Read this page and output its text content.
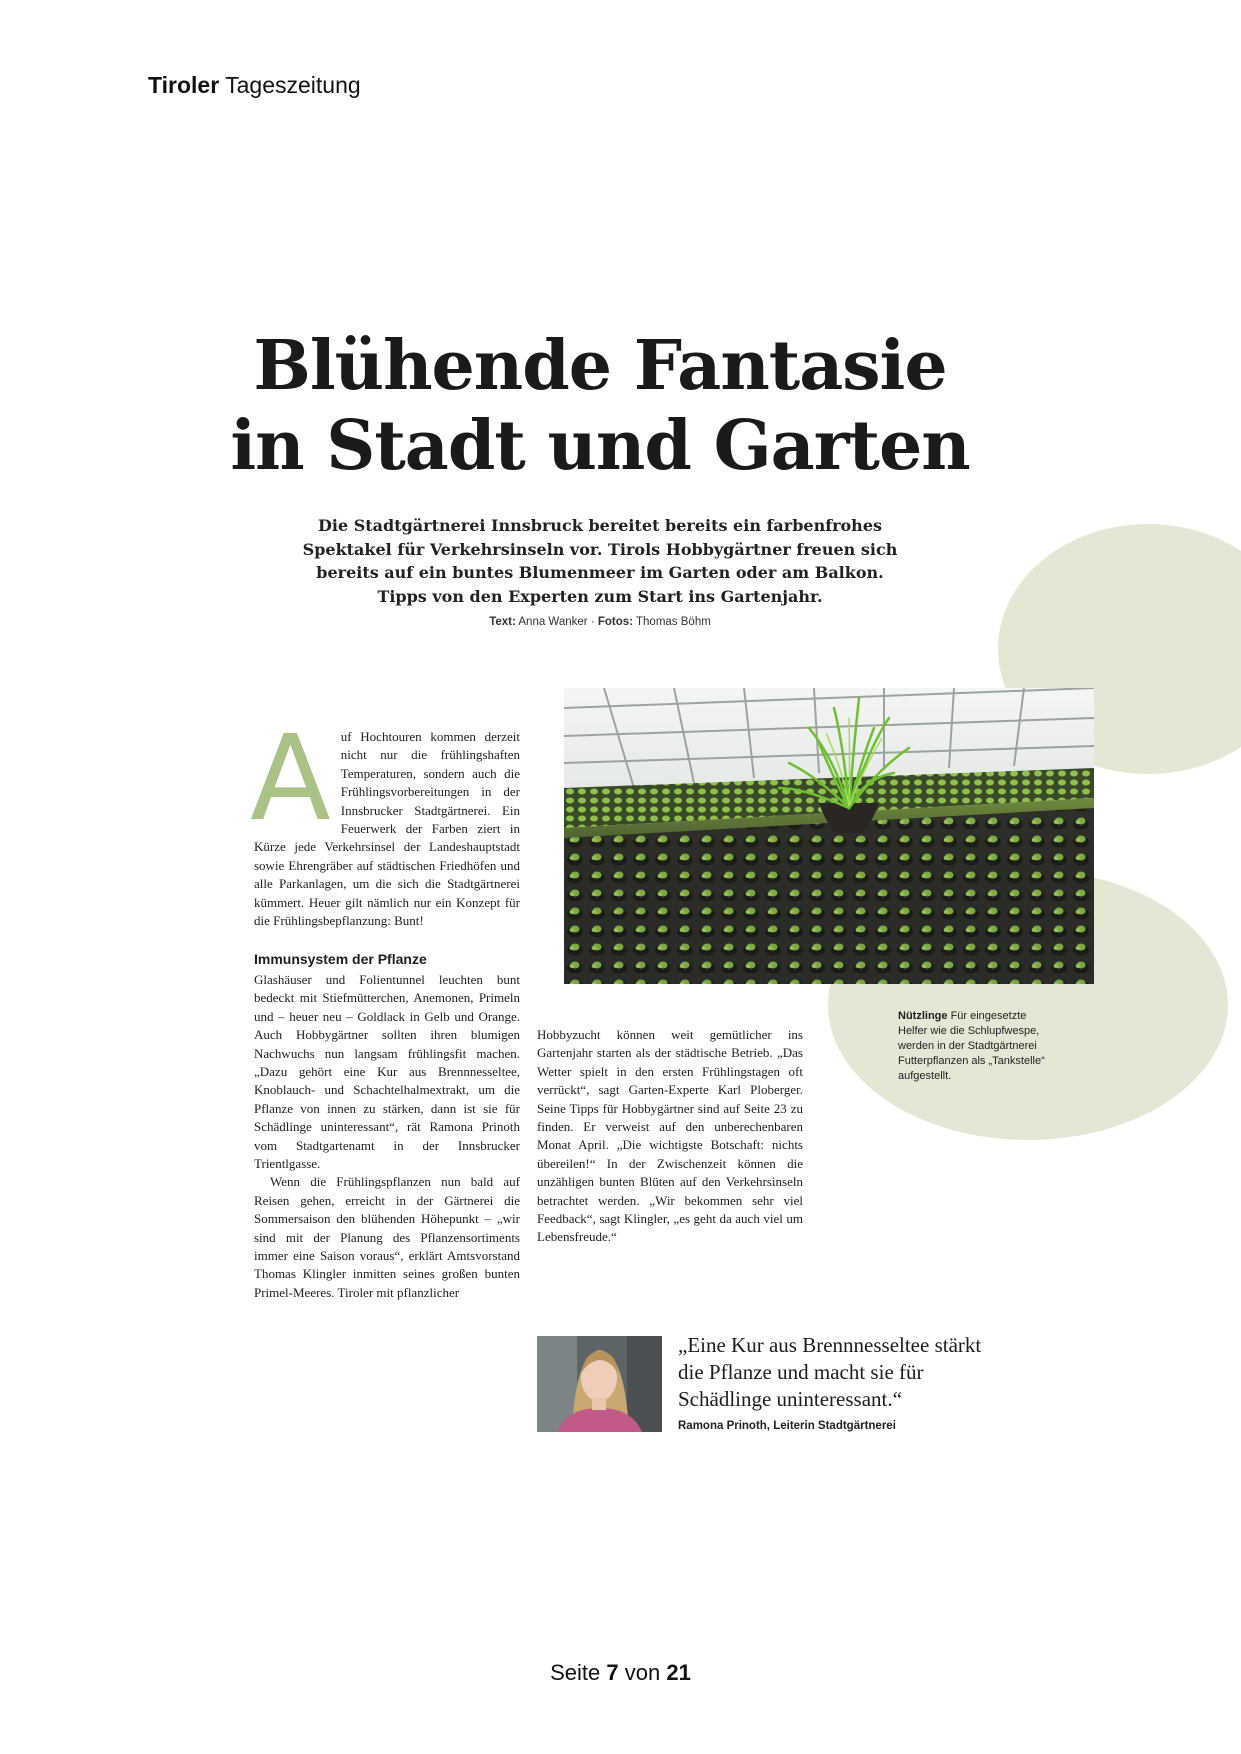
Tiroler Tageszeitung
Blühende Fantasie
in Stadt und Garten
Die Stadtgärtnerei Innsbruck bereitet bereits ein farbenfrohes Spektakel für Verkehrsinseln vor. Tirols Hobbygärtner freuen sich bereits auf ein buntes Blumenmeer im Garten oder am Balkon. Tipps von den Experten zum Start ins Gartenjahr.
Text: Anna Wanker · Fotos: Thomas Böhm

Auf Hochtouren kommen derzeit nicht nur die frühlingshaften Temperaturen, sondern auch die Frühlingsvorbereitungen in der Innsbrucker Stadtgärtnerei. Ein Feuerwerk der Farben ziert in Kürze jede Verkehrsinsel der Landeshauptstadt sowie Ehrengräber auf städtischen Friedhöfen und alle Parkanlagen, um die sich die Stadtgärtnerei kümmert. Heuer gilt nämlich nur ein Konzept für die Frühlingsbepflanzung: Bunt!

Immunsystem der Pflanze

Glashäuser und Folientunnel leuchten bunt bedeckt mit Stiefmütterchen, Anemonen, Primeln und – heuer neu – Goldlack in Gelb und Orange. Auch Hobbygärtner sollten ihren blumigen Nachwuchs nun langsam frühlingsfit machen. „Dazu gehört eine Kur aus Brennnesseltee, Knoblauch- und Schachtelhalmextrakt, um die Pflanze von innen zu stärken, dann ist sie für Schädlinge uninteressant“, rät Ramona Prinoth vom Stadtgartenamt in der Innsbrucker Trientlgasse.

Wenn die Frühlingspflanzen nun bald auf Reisen gehen, erreicht in der Gärtnerei die Sommersaison den blühenden Höhepunkt – „wir sind mit der Planung des Pflanzensortiments immer eine Saison voraus“, erklärt Amtsvorstand Thomas Klingler inmitten seines großen bunten Primel-Meeres. Tiroler mit pflanzlicher

Hobbyzucht können weit gemütlicher ins Gartenjahr starten als der städtische Betrieb. „Das Wetter spielt in den ersten Frühlingstagen oft verrückt“, sagt Garten-Experte Karl Ploberger. Seine Tipps für Hobbygärtner sind auf Seite 23 zu finden. Er verweist auf den unberechenbaren Monat April. „Die wichtigste Botschaft: nichts übereilen!“ In der Zwischenzeit können die unzähligen bunten Blüten auf den Verkehrsinseln betrachtet werden. „Wir bekommen sehr viel Feedback“, sagt Klingler, „es geht da auch viel um Lebensfreude.“

Nützlinge Für eingesetzte Helfer wie die Schlupfwespe, werden in der Stadtgärtnerei Futterpflanzen als „Tankstelle“ aufgestellt.

„Eine Kur aus Brennnesseltee stärkt die Pflanze und macht sie für Schädlinge uninteressant.“

Ramona Prinoth, Leiterin Stadtgärtnerei
Seite 7 von 21
